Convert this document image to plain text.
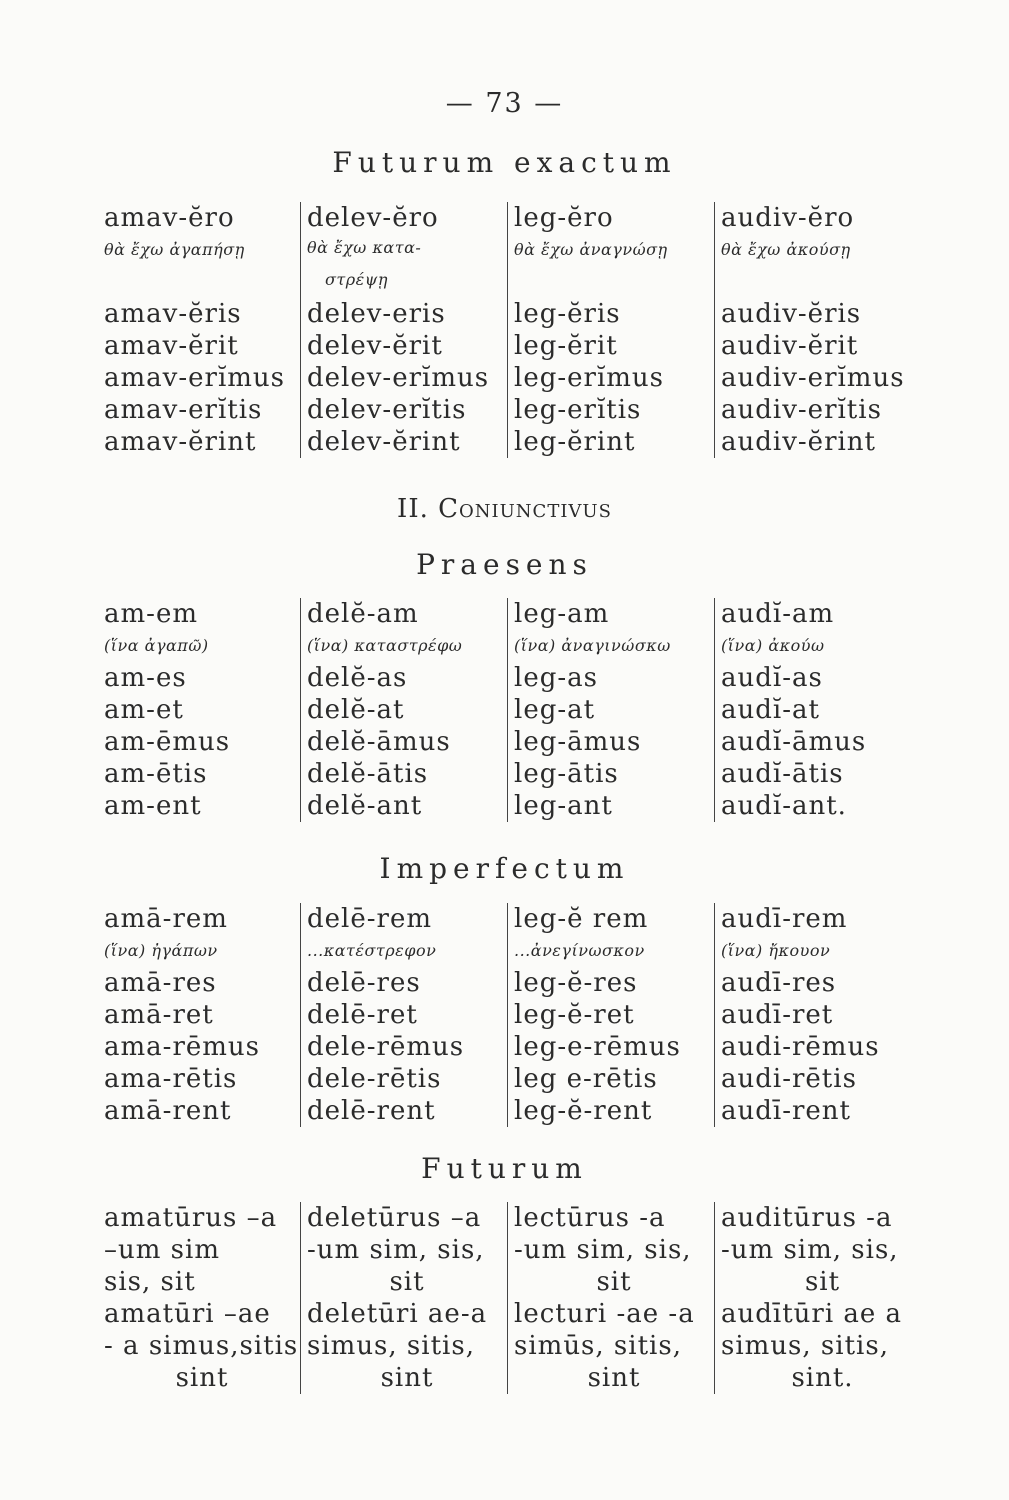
— 73 —
Futurum exactum
amav-ĕro
θὰ ἔχω ἀγαπήσῃ
amav-ĕris
amav-ĕrit
amav-erĭmus
amav-erĭtis
amav-ĕrint
delev-ĕro
θὰ ἔχω κατα-
στρέψῃ
delev-eris
delev-ĕrit
delev-erĭmus
delev-erĭtis
delev-ĕrint
leg-ĕro
θὰ ἔχω ἀναγνώσῃ
leg-ĕris
leg-ĕrit
leg-erĭmus
leg-erĭtis
leg-ĕrint
audiv-ĕro
θὰ ἔχω ἀκούσῃ
audiv-ĕris
audiv-ĕrit
audiv-erĭmus
audiv-erĭtis
audiv-ĕrint
II. Coniunctivus
Praesens
am-em
(ἵνα ἀγαπῶ)
am-es
am-et
am-ēmus
am-ētis
am-ent
delĕ-am
(ἵνα) καταστρέφω
delĕ-as
delĕ-at
delĕ-āmus
delĕ-ātis
delĕ-ant
leg-am
(ἵνα) ἀναγινώσκω
leg-as
leg-at
leg-āmus
leg-ātis
leg-ant
audĭ-am
(ἵνα) ἀκούω
audĭ-as
audĭ-at
audĭ-āmus
audĭ-ātis
audĭ-ant.
Imperfectum
amā-rem
(ἵνα) ἠγάπων
amā-res
amā-ret
ama-rēmus
ama-rētis
amā-rent
delē-rem
...κατέστρεφον
delē-res
delē-ret
dele-rēmus
dele-rētis
delē-rent
leg-ĕ rem
...ἀνεγίνωσκον
leg-ĕ-res
leg-ĕ-ret
leg-e-rēmus
leg e-rētis
leg-ĕ-rent
audī-rem
(ἵνα) ἤκουον
audī-res
audī-ret
audi-rēmus
audi-rētis
audī-rent
Futurum
amatūrus –a
–um sim
sis, sit
amatūri –ae
- a simus,sitis
sint
deletūrus –a
-um sim, sis,
sit
deletūri ae-a
simus, sitis,
sint
lectūrus -a
-um sim, sis,
sit
lecturi -ae -a
simūs, sitis,
sint
auditūrus -a
-um sim, sis,
sit
audītūri ae a
simus, sitis,
sint.
